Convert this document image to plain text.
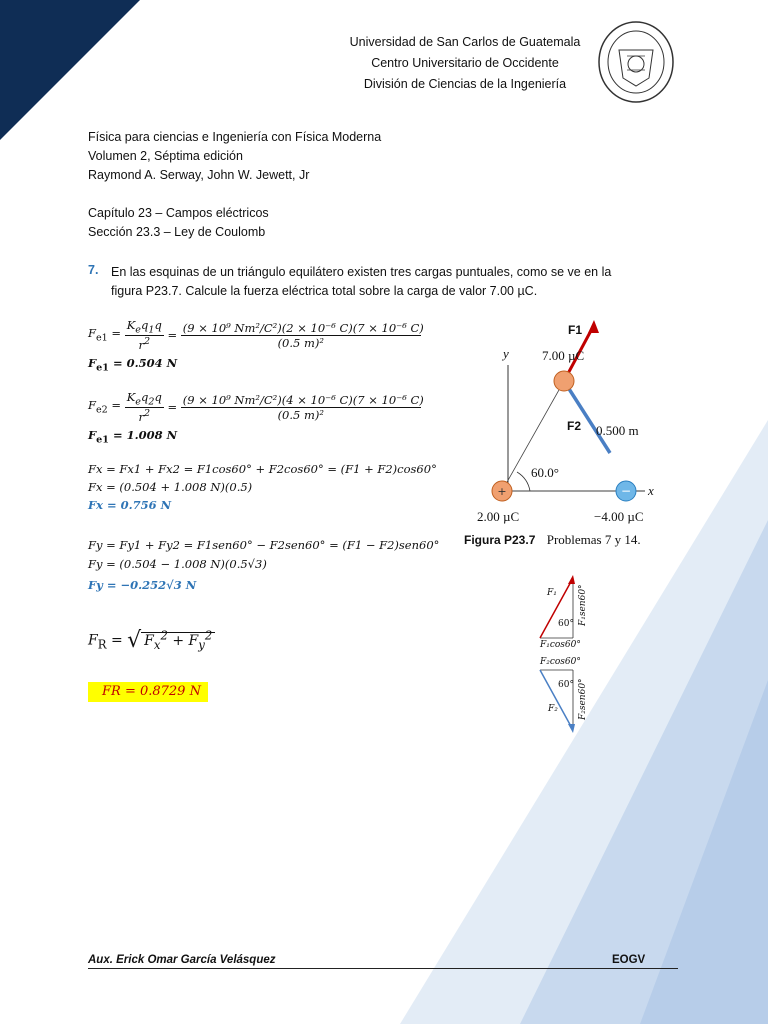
Universidad de San Carlos de Guatemala
Centro Universitario de Occidente
División de Ciencias de la Ingeniería
Física para ciencias e Ingeniería con Física Moderna
Volumen 2, Séptima edición
Raymond A. Serway, John W. Jewett, Jr
Capítulo 23 – Campos eléctricos
Sección 23.3 – Ley de Coulomb
7. En las esquinas de un triángulo equilátero existen tres cargas puntuales, como se ve en la
figura P23.7. Calcule la fuerza eléctrica total sobre la carga de valor 7.00 µC.
$F_{e1} = \frac{K_eq_1q}{r^2} = \frac{\text{(9 × 10⁹ Nm²/C²)(2 × 10⁻⁶ C)(7 × 10⁻⁶ C)}}{\text{(0.5 m)²}}$
$F_{e1} = 0.504$ N
$F_{e2} = \frac{K_eq_2q}{r^2} = \frac{\text{(9 × 10⁹ Nm²/C²)(4 × 10⁻⁶ C)(7 × 10⁻⁶ C)}}{\text{(0.5 m)²}}$
$F_{e1} = 1.008$ N
Fx = Fx1 + Fx2 = F1cos60° + F2cos60° = (F1 + F2)cos60°
Fx = (0.504 + 1.008 N)(0.5)
Fx = 0.756 N
Fy = Fy1 + Fy2 = F1sen60° − F2sen60° = (F1 − F2)sen60°
Fy = (0.504 − 1.008 N)(0.5√3)
Fy = −0.252√3 N
$F_R$ = √ $F_x^2 + F_y^2$
FR = 0.8729 N
+	−
F1
7.00 µC
y
F2 0.500 m
60.0°
x
2.00 µC	−4.00 µC
Figura P23.7 Problemas 7 y 14.
F₁
60° F₁sen60°
F₁cos60°
F₂cos60°
60°
F₂ F₂sen60°
Aux. Erick Omar García Velásquez	EOGV
